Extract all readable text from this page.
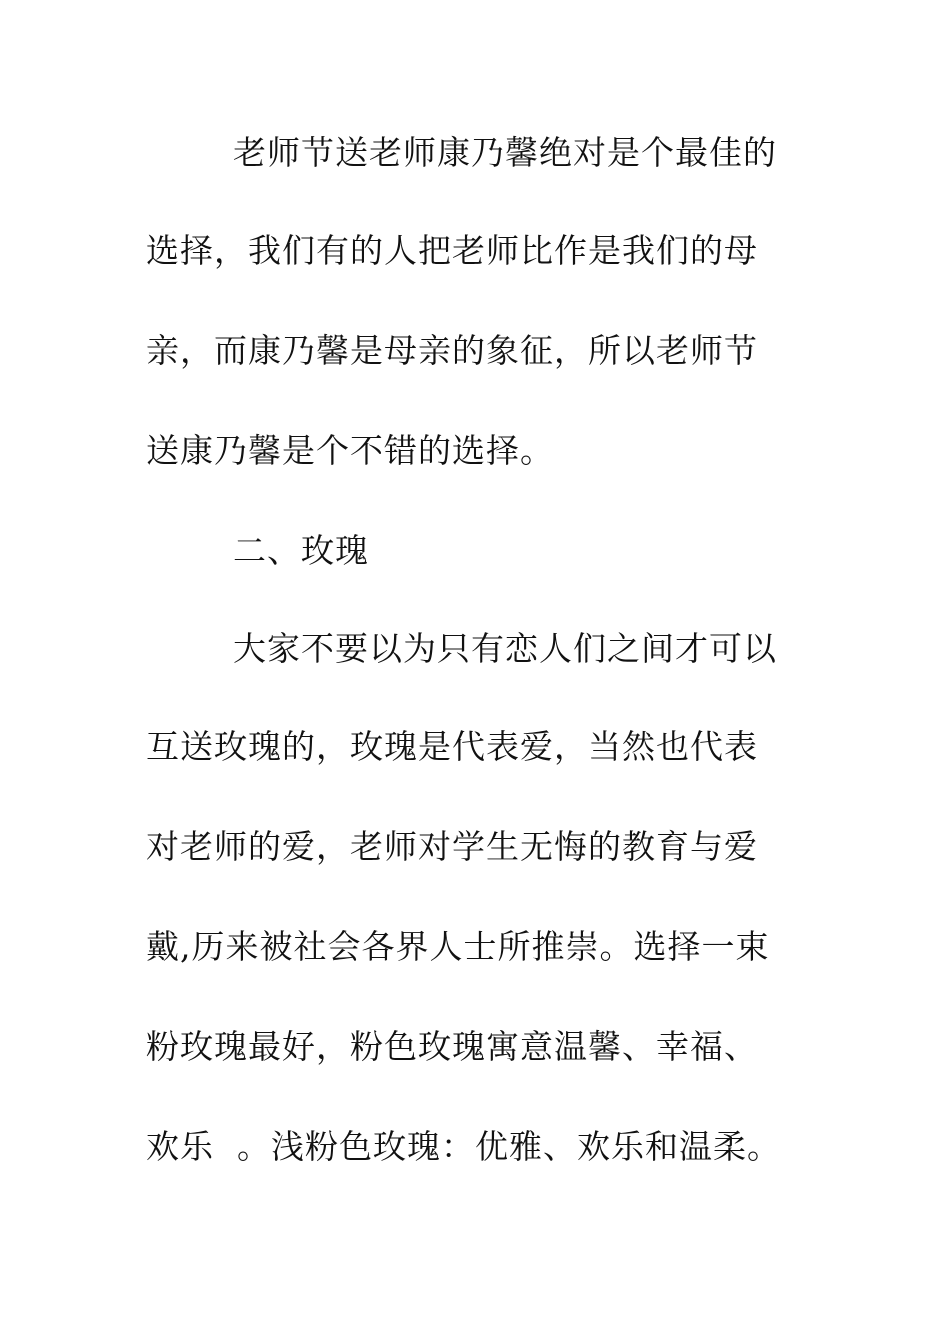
老师节送老师康乃馨绝对是个最佳的
选择，我们有的人把老师比作是我们的母
亲，而康乃馨是母亲的象征，所以老师节
送康乃馨是个不错的选择。
二、玫瑰
大家不要以为只有恋人们之间才可以
互送玫瑰的，玫瑰是代表爱，当然也代表
对老师的爱，老师对学生无悔的教育与爱
戴,历来被社会各界人士所推崇。选择一束
粉玫瑰最好，粉色玫瑰寓意温馨、幸福、
欢乐  。浅粉色玫瑰：优雅、欢乐和温柔。
